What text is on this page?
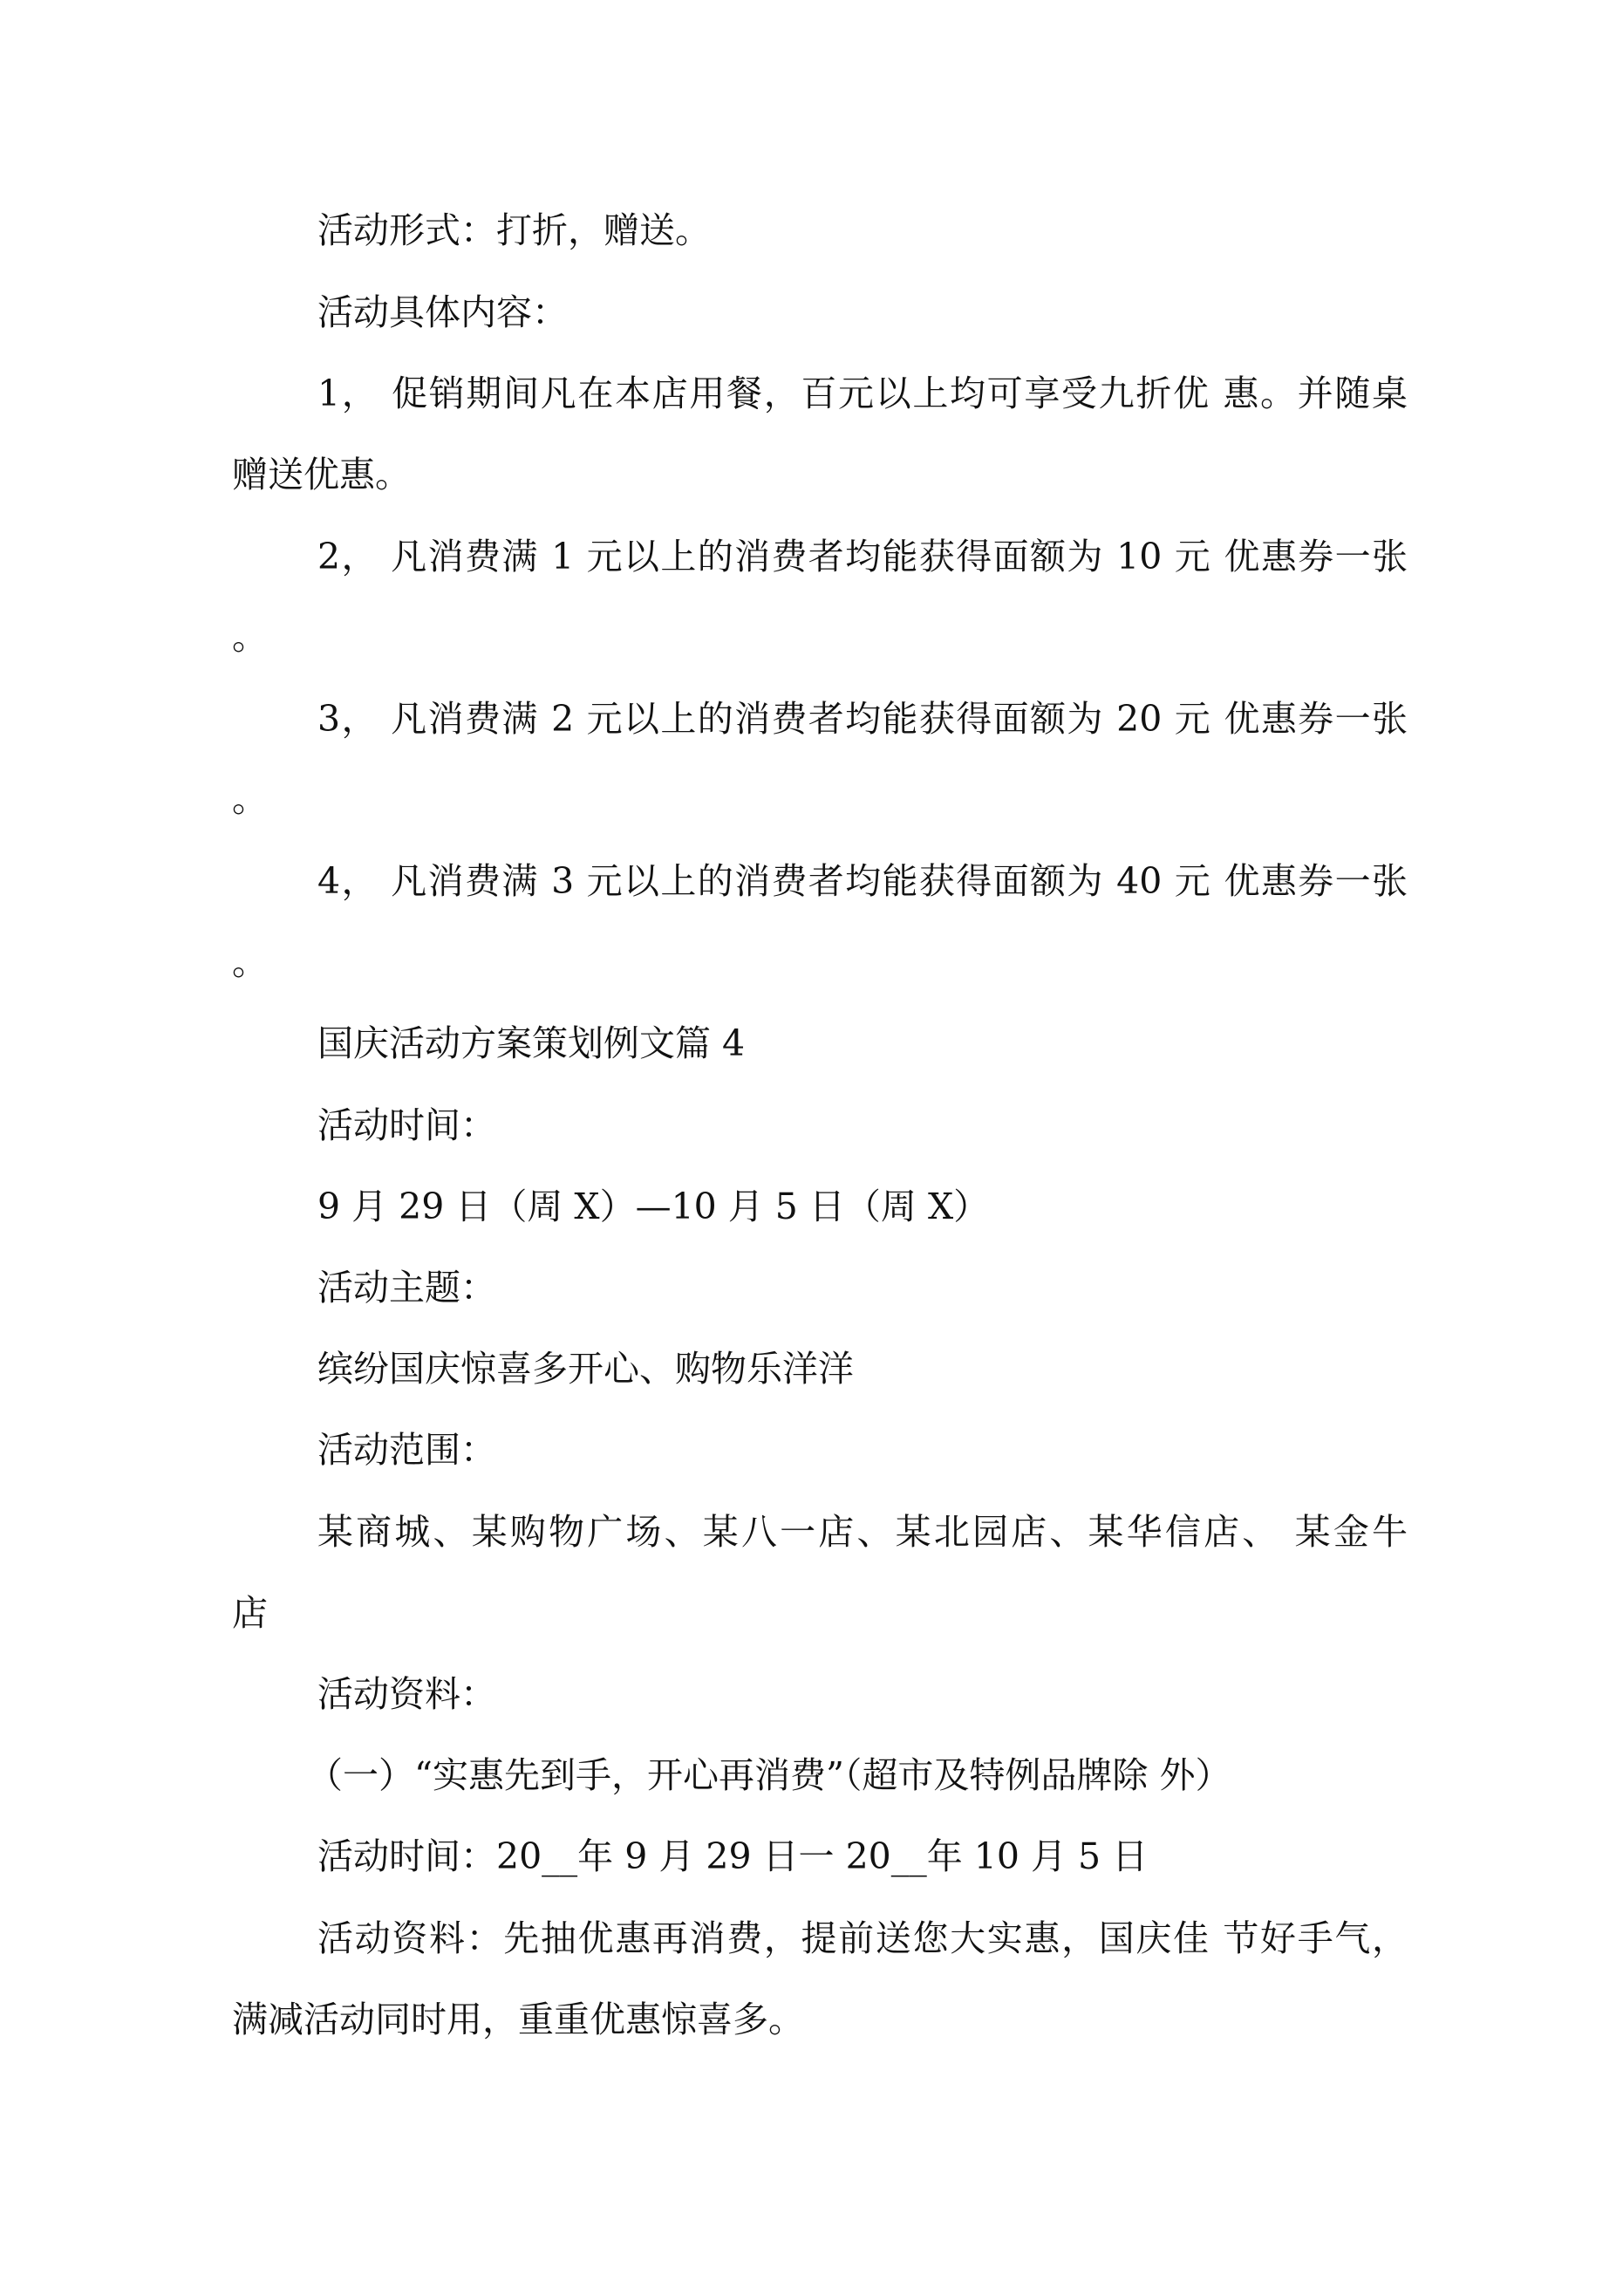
活动形式：打折，赠送。
活动具体内容：
1， 促销期间凡在本店用餐，百元以上均可享受九折优 惠。并随桌
赠送优惠。
2， 凡消费满 1 元以上的消费者均能获得面额为 10 元 优惠券一张
。
3， 凡消费满 2 元以上的消费者均能获得面额为 20 元 优惠券一张
。
4， 凡消费满 3 元以上的消费者均能获得面额为 40 元 优惠券一张
。
国庆活动方案策划例文篇 4
活动时间：
9 月 29 日（周 X）—10 月 5 日（周 X）
活动主题：
缤纷国庆惊喜多开心、购物乐洋洋
活动范围：
某商城、某购物广场、某八一店、某北园店、某华信店、 某金牛
店
活动资料：
（一）“实惠先到手，开心再消费”（超市及特例品牌除 外）
活动时间：20__年 9 月 29 日一 20__年 10 月 5 日
活动资料：先抽优惠再消费，提前送您大实惠，国庆佳 节好手气，
满减活动同时用，重重优惠惊喜多。
